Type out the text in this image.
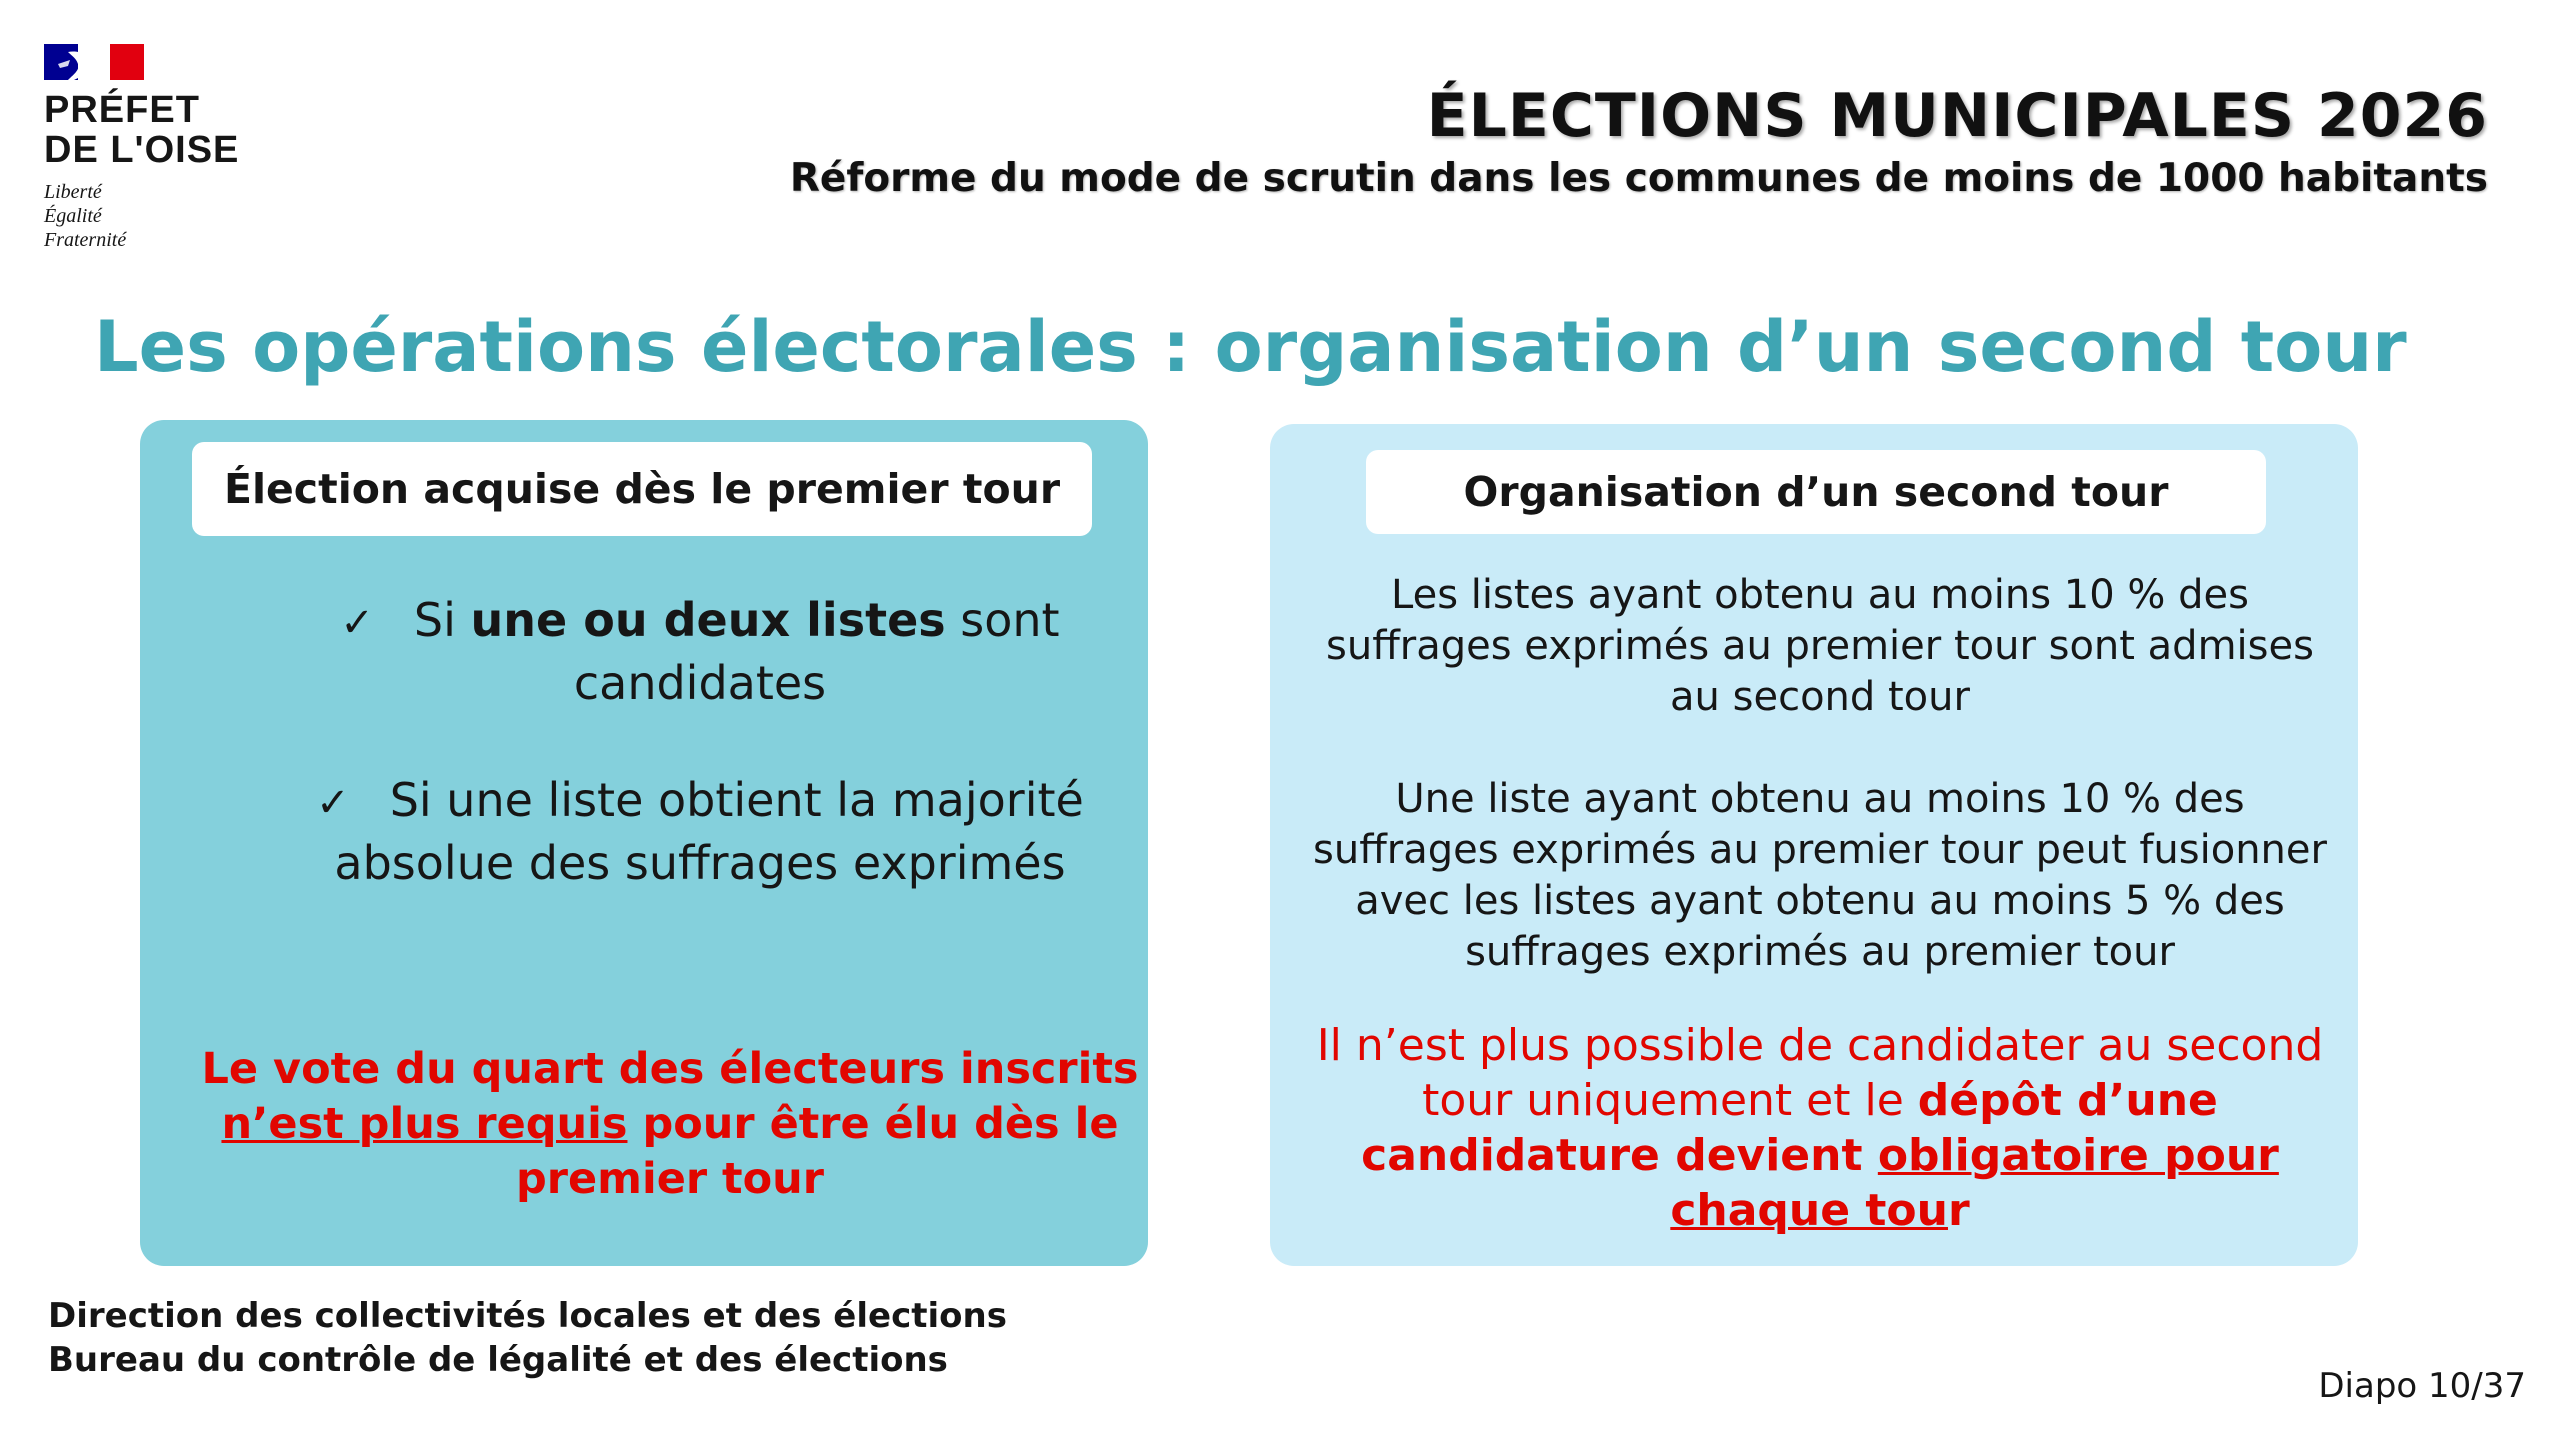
PRÉFET
DE L'OISE
Liberté
Égalité
Fraternité
ÉLECTIONS MUNICIPALES 2026
Réforme du mode de scrutin dans les communes de moins de 1000 habitants
Les opérations électorales : organisation d’un second tour
Élection acquise dès le premier tour
✓ Si une ou deux listes sont candidates
✓ Si une liste obtient la majorité absolue des suffrages exprimés
Le vote du quart des électeurs inscrits
n’est plus requis pour être élu dès le premier tour
Organisation d’un second tour
Les listes ayant obtenu au moins 10 % des suffrages exprimés au premier tour sont admises au second tour
Une liste ayant obtenu au moins 10 % des suffrages exprimés au premier tour peut fusionner avec les listes ayant obtenu au moins 5 % des suffrages exprimés au premier tour
Il n’est plus possible de candidater au second tour uniquement et le dépôt d’une candidature devient obligatoire pour chaque tour
Direction des collectivités locales et des élections
Bureau du contrôle de légalité et des élections
Diapo 10/37
